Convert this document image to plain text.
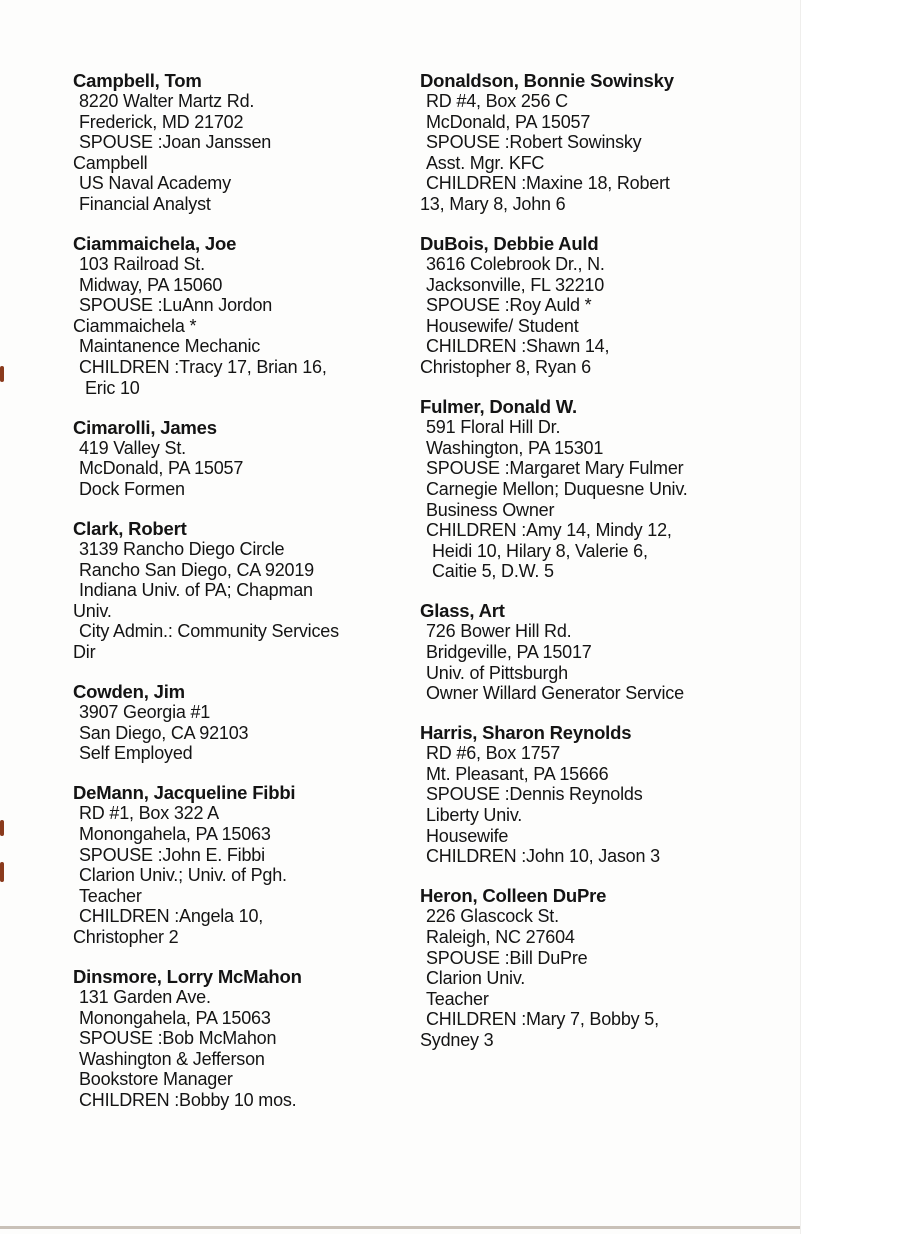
Campbell, Tom
8220 Walter Martz Rd.
Frederick, MD 21702
SPOUSE :Joan Janssen
Campbell
US Naval Academy
Financial Analyst
Ciammaichela, Joe
103 Railroad St.
Midway, PA 15060
SPOUSE :LuAnn Jordon
Ciammaichela *
Maintanence Mechanic
CHILDREN :Tracy 17, Brian 16,
Eric 10
Cimarolli, James
419 Valley St.
McDonald, PA 15057
Dock Formen
Clark, Robert
3139 Rancho Diego Circle
Rancho San Diego, CA 92019
Indiana Univ. of PA; Chapman
Univ.
City Admin.: Community Services
Dir
Cowden, Jim
3907 Georgia #1
San Diego, CA 92103
Self Employed
DeMann, Jacqueline Fibbi
RD #1, Box 322 A
Monongahela, PA 15063
SPOUSE :John E. Fibbi
Clarion Univ.; Univ. of Pgh.
Teacher
CHILDREN :Angela 10,
Christopher 2
Dinsmore, Lorry McMahon
131 Garden Ave.
Monongahela, PA 15063
SPOUSE :Bob McMahon
Washington & Jefferson
Bookstore Manager
CHILDREN :Bobby 10 mos.
Donaldson, Bonnie Sowinsky
RD #4, Box 256 C
McDonald, PA 15057
SPOUSE :Robert Sowinsky
Asst. Mgr. KFC
CHILDREN :Maxine 18, Robert
13, Mary 8, John 6
DuBois, Debbie Auld
3616 Colebrook Dr., N.
Jacksonville, FL 32210
SPOUSE :Roy Auld *
Housewife/ Student
CHILDREN :Shawn 14,
Christopher 8, Ryan 6
Fulmer, Donald W.
591 Floral Hill Dr.
Washington, PA 15301
SPOUSE :Margaret Mary Fulmer
Carnegie Mellon; Duquesne Univ.
Business Owner
CHILDREN :Amy 14, Mindy 12,
Heidi 10, Hilary 8, Valerie 6,
Caitie 5, D.W. 5
Glass, Art
726 Bower Hill Rd.
Bridgeville, PA 15017
Univ. of Pittsburgh
Owner Willard Generator Service
Harris, Sharon Reynolds
RD #6, Box 1757
Mt. Pleasant, PA 15666
SPOUSE :Dennis Reynolds
Liberty Univ.
Housewife
CHILDREN :John 10, Jason 3
Heron, Colleen DuPre
226 Glascock St.
Raleigh, NC 27604
SPOUSE :Bill DuPre
Clarion Univ.
Teacher
CHILDREN :Mary 7, Bobby 5,
Sydney 3
